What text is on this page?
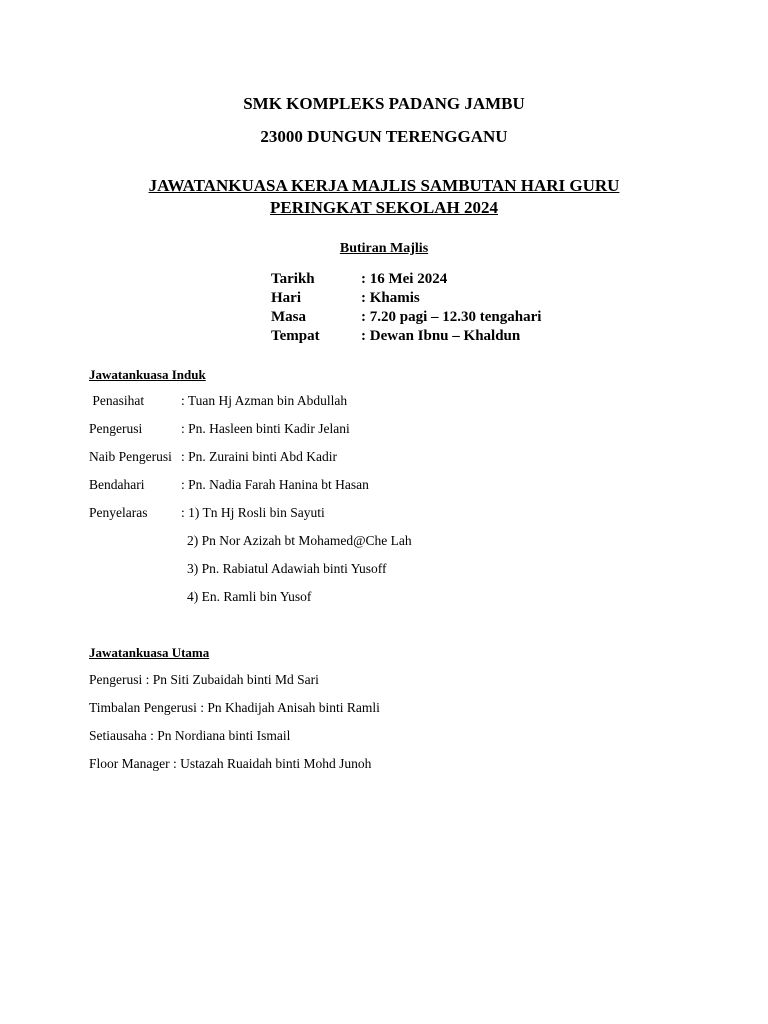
SMK KOMPLEKS PADANG JAMBU
23000 DUNGUN TERENGGANU
JAWATANKUASA KERJA MAJLIS SAMBUTAN HARI GURU
PERINGKAT SEKOLAH 2024
Butiran Majlis
Tarikh	: 16 Mei 2024
Hari	: Khamis
Masa	: 7.20 pagi – 12.30 tengahari
Tempat	: Dewan Ibnu – Khaldun
Jawatankuasa Induk
Penasihat	: Tuan Hj Azman bin Abdullah
Pengerusi	: Pn. Hasleen binti Kadir Jelani
Naib Pengerusi : Pn. Zuraini binti Abd Kadir
Bendahari	: Pn. Nadia Farah Hanina bt Hasan
Penyelaras : 1) Tn Hj Rosli bin Sayuti
2) Pn Nor Azizah bt Mohamed@Che Lah
3) Pn. Rabiatul Adawiah binti Yusoff
4) En. Ramli bin Yusof
Jawatankuasa Utama
Pengerusi : Pn Siti Zubaidah binti Md Sari
Timbalan Pengerusi : Pn Khadijah Anisah binti Ramli
Setiausaha : Pn Nordiana binti Ismail
Floor Manager : Ustazah Ruaidah binti Mohd Junoh
